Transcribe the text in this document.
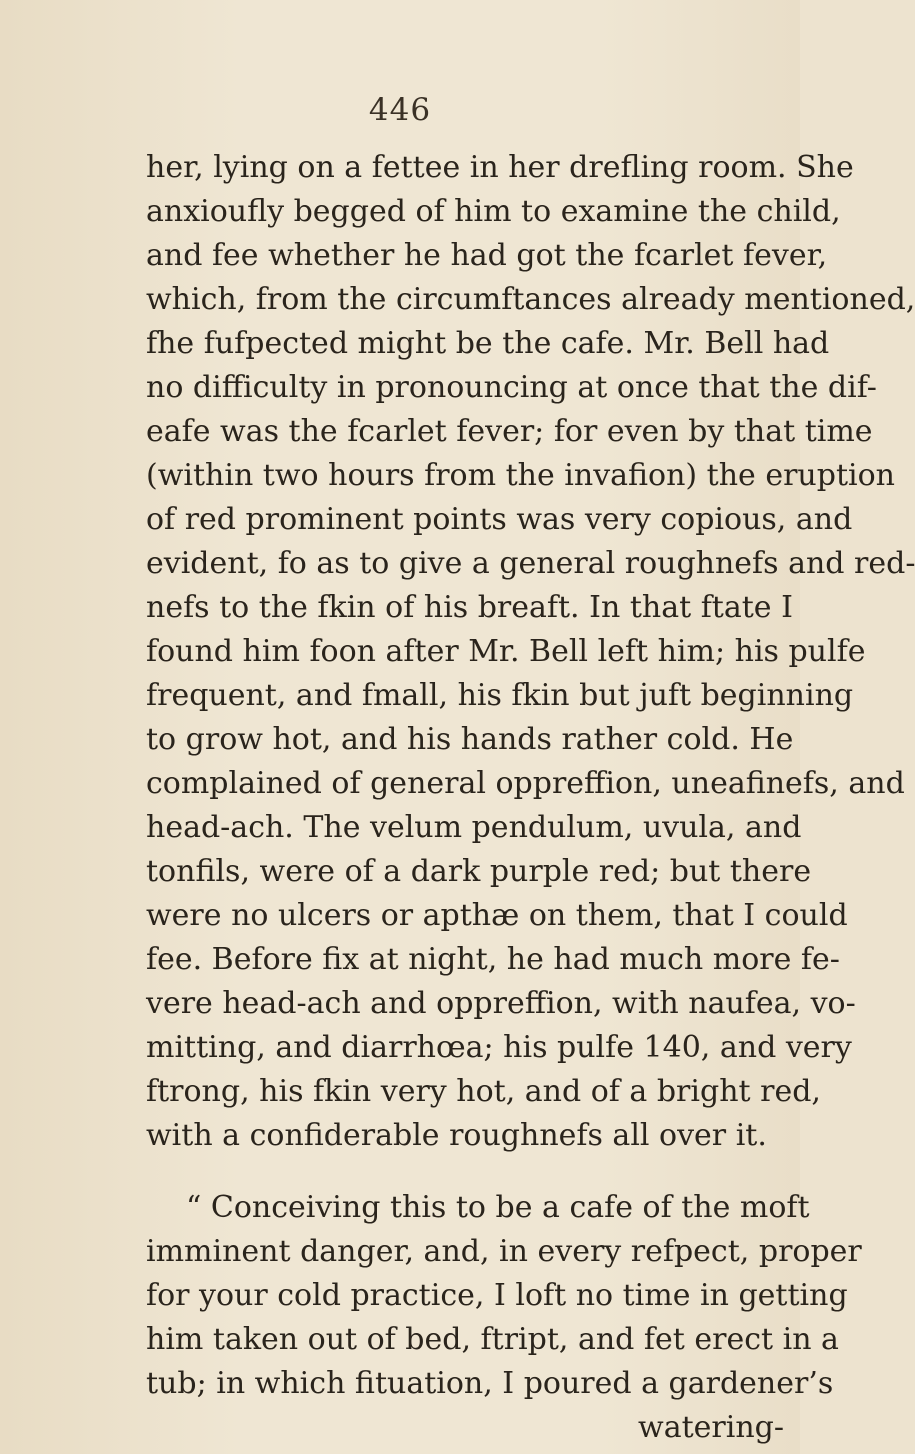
446
her, lying on a fettee in her drefling room. She
anxioufly begged of him to examine the child,
and fee whether he had got the fcarlet fever,
which, from the circumftances already mentioned,
fhe fufpected might be the cafe. Mr. Bell had
no difficulty in pronouncing at once that the dif-
eafe was the fcarlet fever; for even by that time
(within two hours from the invafion) the eruption
of red prominent points was very copious, and
evident, fo as to give a general roughnefs and red-
nefs to the fkin of his breaft. In that ftate I
found him foon after Mr. Bell left him; his pulfe
frequent, and fmall, his fkin but juft beginning
to grow hot, and his hands rather cold. He
complained of general oppreffion, uneafinefs, and
head-ach. The velum pendulum, uvula, and
tonfils, were of a dark purple red; but there
were no ulcers or apthæ on them, that I could
fee. Before fix at night, he had much more fe-
vere head-ach and oppreffion, with naufea, vo-
mitting, and diarrhœa; his pulfe 140, and very
ftrong, his fkin very hot, and of a bright red,
with a confiderable roughnefs all over it.
“ Conceiving this to be a cafe of the moft
imminent danger, and, in every refpect, proper
for your cold practice, I loft no time in getting
him taken out of bed, ftript, and fet erect in a
tub; in which fituation, I poured a gardener’s
watering-
